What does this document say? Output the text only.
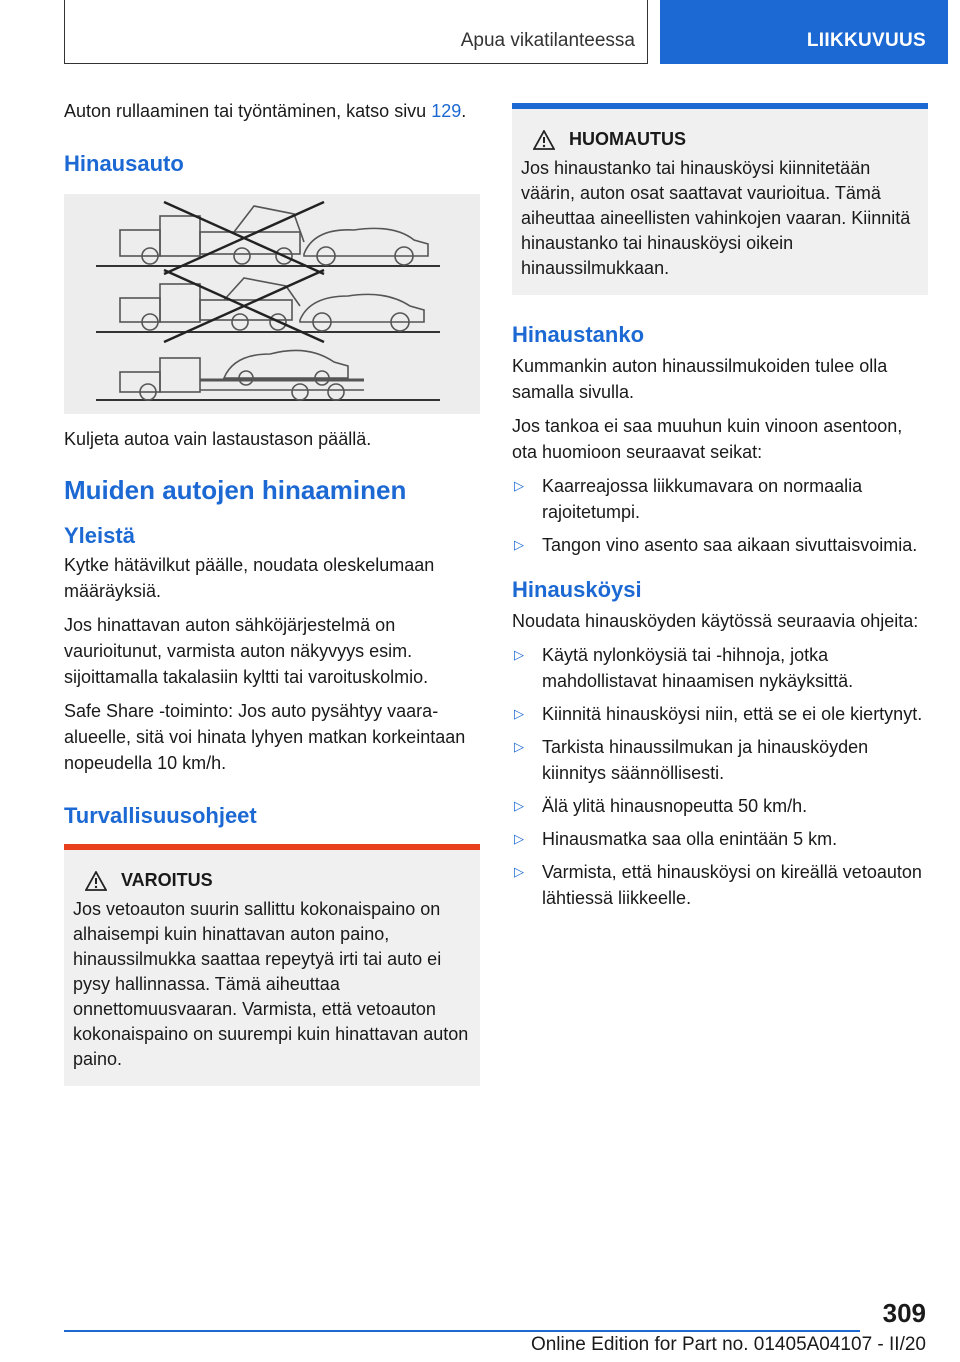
Apua vikatilanteessa	LIIKKUVUUS

Auton rullaaminen tai työntäminen, katso sivu 129.

Hinausauto

Kuljeta autoa vain lastaustason päällä.

Muiden autojen hinaaminen
Yleistä

Kytke hätävilkut päälle, noudata oleskelumaan määräyksiä.

Jos hinattavan auton sähköjärjestelmä on vaurioitunut, varmista auton näkyvyys esim. sijoittamalla takalasiin kyltti tai varoituskolmio.

Safe Share -toiminto: Jos auto pysähtyy vaara-alueelle, sitä voi hinata lyhyen matkan korkeintaan nopeudella 10 km/h.

Turvallisuusohjeet
VAROITUS

Jos vetoauton suurin sallittu kokonaispaino on alhaisempi kuin hinattavan auton paino, hinaussilmukka saattaa repeytyä irti tai auto ei pysy hallinnassa. Tämä aiheuttaa onnettomuusvaaran. Varmista, että vetoauton kokonaispaino on suurempi kuin hinattavan auton paino.

HUOMAUTUS

Jos hinaustanko tai hinausköysi kiinnitetään väärin, auton osat saattavat vaurioitua. Tämä aiheuttaa aineellisten vahinkojen vaaran. Kiinnitä hinaustanko tai hinausköysi oikein hinaussilmukkaan.

Hinaustanko

Kummankin auton hinaussilmukoiden tulee olla samalla sivulla.

Jos tankoa ei saa muuhun kuin vinoon asentoon, ota huomioon seuraavat seikat:

▷ Kaarreajossa liikkumavara on normaalia rajoitetumpi.
▷ Tangon vino asento saa aikaan sivuttaisvoimia.
Hinausköysi

Noudata hinausköyden käytössä seuraavia ohjeita:

▷ Käytä nylonköysiä tai -hihnoja, jotka mahdollistavat hinaamisen nykäyksittä.
▷ Kiinnitä hinausköysi niin, että se ei ole kiertynyt.
▷ Tarkista hinaussilmukan ja hinausköyden kiinnitys säännöllisesti.
▷ Älä ylitä hinausnopeutta 50 km/h.
▷ Hinausmatka saa olla enintään 5 km.
▷ Varmista, että hinausköysi on kireällä vetoauton lähtiessä liikkeelle.
309
Online Edition for Part no. 01405A04107 - II/20
